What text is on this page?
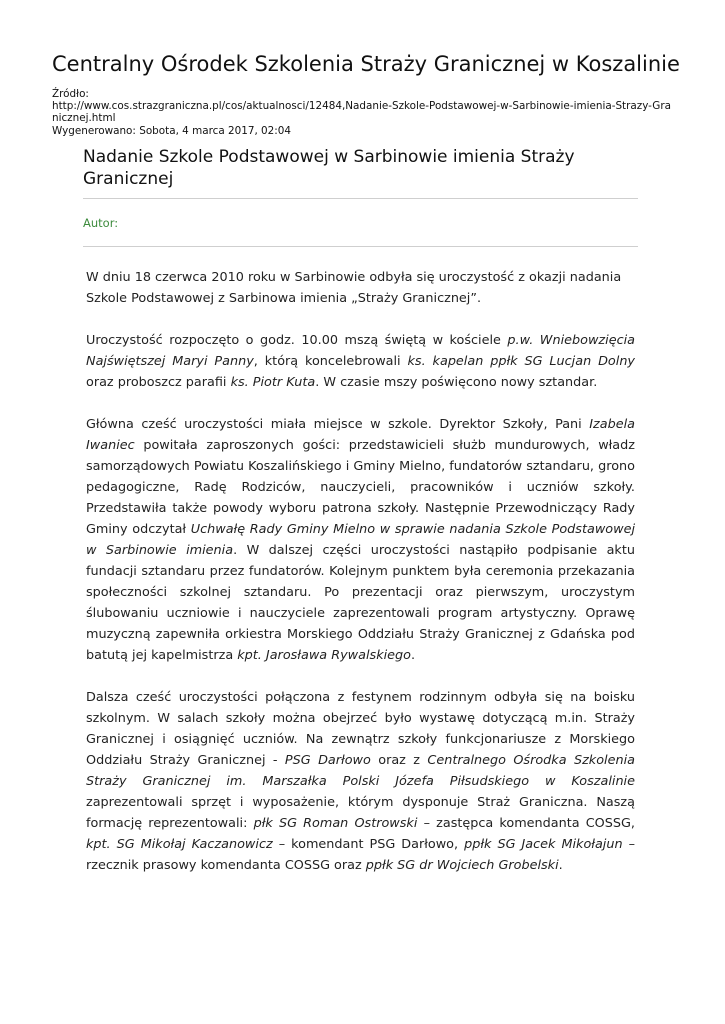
Centralny Ośrodek Szkolenia Straży Granicznej w Koszalinie
Źródło:
http://www.cos.strazgraniczna.pl/cos/aktualnosci/12484,Nadanie-Szkole-Podstawowej-w-Sarbinowie-imienia-Strazy-Granicznej.html
Wygenerowano: Sobota, 4 marca 2017, 02:04
Nadanie Szkole Podstawowej w Sarbinowie imienia Straży Granicznej
Autor:

W dniu 18 czerwca 2010 roku w Sarbinowie odbyła się uroczystość z okazji nadania Szkole Podstawowej z Sarbinowa imienia „Straży Granicznej”.

Uroczystość rozpoczęto o godz. 10.00 mszą świętą w kościele p.w. Wniebowzięcia Najświętszej Maryi Panny, którą koncelebrowali ks. kapelan ppłk SG Lucjan Dolny oraz proboszcz parafii ks. Piotr Kuta. W czasie mszy poświęcono nowy sztandar.

Główna cześć uroczystości miała miejsce w szkole. Dyrektor Szkoły, Pani Izabela Iwaniec powitała zaproszonych gości: przedstawicieli służb mundurowych, władz samorządowych Powiatu Koszalińskiego i Gminy Mielno, fundatorów sztandaru, grono pedagogiczne, Radę Rodziców, nauczycieli, pracowników i uczniów szkoły. Przedstawiła także powody wyboru patrona szkoły. Następnie Przewodniczący Rady Gminy odczytał Uchwałę Rady Gminy Mielno w sprawie nadania Szkole Podstawowej w Sarbinowie imienia. W dalszej części uroczystości nastąpiło podpisanie aktu fundacji sztandaru przez fundatorów. Kolejnym punktem była ceremonia przekazania społeczności szkolnej sztandaru. Po prezentacji oraz pierwszym, uroczystym ślubowaniu uczniowie i nauczyciele zaprezentowali program artystyczny. Oprawę muzyczną zapewniła orkiestra Morskiego Oddziału Straży Granicznej z Gdańska pod batutą jej kapelmistrza kpt. Jarosława Rywalskiego.

Dalsza cześć uroczystości połączona z festynem rodzinnym odbyła się na boisku szkolnym. W salach szkoły można obejrzeć było wystawę dotyczącą m.in. Straży Granicznej i osiągnięć uczniów. Na zewnątrz szkoły funkcjonariusze z Morskiego Oddziału Straży Granicznej - PSG Darłowo oraz z Centralnego Ośrodka Szkolenia Straży Granicznej im. Marszałka Polski Józefa Piłsudskiego w Koszalinie zaprezentowali sprzęt i wyposażenie, którym dysponuje Straż Graniczna. Naszą formację reprezentowali: płk SG Roman Ostrowski – zastępca komendanta COSSG, kpt. SG Mikołaj Kaczanowicz – komendant PSG Darłowo, ppłk SG Jacek Mikołajun – rzecznik prasowy komendanta COSSG oraz ppłk SG dr Wojciech Grobelski.
